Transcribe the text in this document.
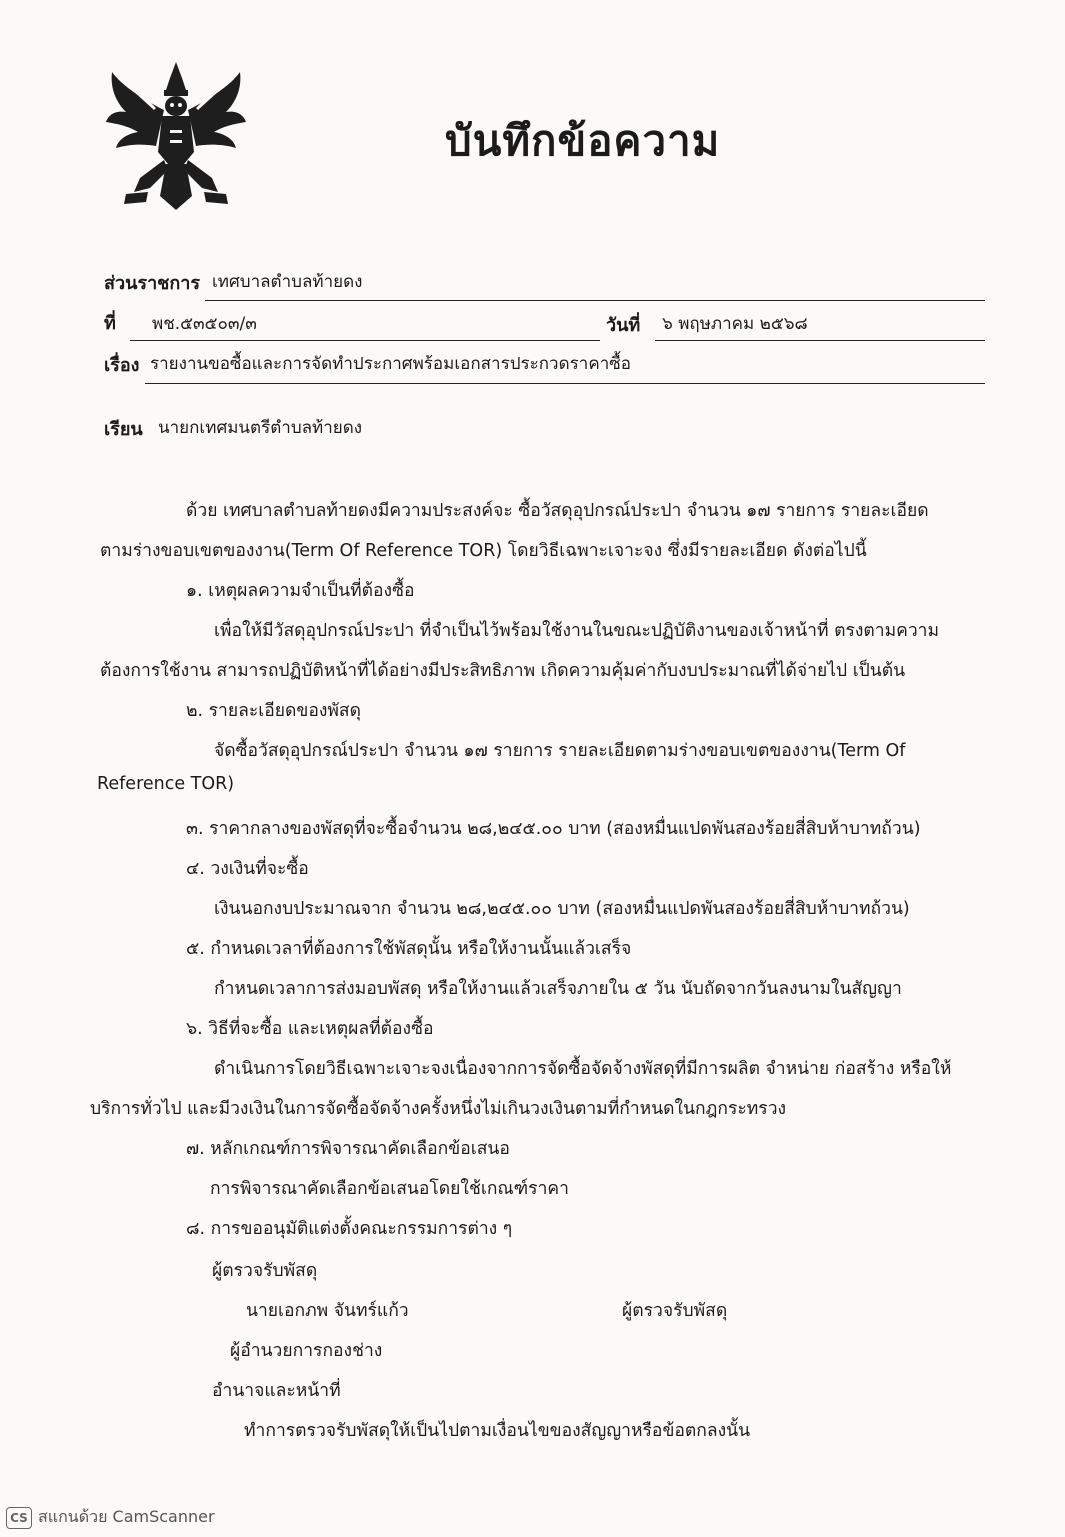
บันทึกข้อความ
ส่วนราชการ เทศบาลตำบลท้ายดง
ที่ พช.๕๓๕๐๓/๓	วันที่ ๖ พฤษภาคม ๒๕๖๘
เรื่อง รายงานขอซื้อและการจัดทำประกาศพร้อมเอกสารประกวดราคาซื้อ
เรียน นายกเทศมนตรีตำบลท้ายดง
ด้วย เทศบาลตำบลท้ายดงมีความประสงค์จะ ซื้อวัสดุอุปกรณ์ประปา จำนวน ๑๗ รายการ รายละเอียด
ตามร่างขอบเขตของงาน(Term Of Reference TOR) โดยวิธีเฉพาะเจาะจง ซึ่งมีรายละเอียด ดังต่อไปนี้
๑. เหตุผลความจำเป็นที่ต้องซื้อ
เพื่อให้มีวัสดุอุปกรณ์ประปา ที่จำเป็นไว้พร้อมใช้งานในขณะปฏิบัติงานของเจ้าหน้าที่ ตรงตามความ
ต้องการใช้งาน สามารถปฏิบัติหน้าที่ได้อย่างมีประสิทธิภาพ เกิดความคุ้มค่ากับงบประมาณที่ได้จ่ายไป เป็นต้น
๒. รายละเอียดของพัสดุ
จัดซื้อวัสดุอุปกรณ์ประปา จำนวน ๑๗ รายการ รายละเอียดตามร่างขอบเขตของงาน(Term Of
Reference TOR)
๓. ราคากลางของพัสดุที่จะซื้อจำนวน ๒๘,๒๔๕.๐๐ บาท (สองหมื่นแปดพันสองร้อยสี่สิบห้าบาทถ้วน)
๔. วงเงินที่จะซื้อ
เงินนอกงบประมาณจาก จำนวน ๒๘,๒๔๕.๐๐ บาท (สองหมื่นแปดพันสองร้อยสี่สิบห้าบาทถ้วน)
๕. กำหนดเวลาที่ต้องการใช้พัสดุนั้น หรือให้งานนั้นแล้วเสร็จ
กำหนดเวลาการส่งมอบพัสดุ หรือให้งานแล้วเสร็จภายใน ๕ วัน นับถัดจากวันลงนามในสัญญา
๖. วิธีที่จะซื้อ และเหตุผลที่ต้องซื้อ
ดำเนินการโดยวิธีเฉพาะเจาะจงเนื่องจากการจัดซื้อจัดจ้างพัสดุที่มีการผลิต จำหน่าย ก่อสร้าง หรือให้
บริการทั่วไป และมีวงเงินในการจัดซื้อจัดจ้างครั้งหนึ่งไม่เกินวงเงินตามที่กำหนดในกฎกระทรวง
๗. หลักเกณฑ์การพิจารณาคัดเลือกข้อเสนอ
การพิจารณาคัดเลือกข้อเสนอโดยใช้เกณฑ์ราคา
๘. การขออนุมัติแต่งตั้งคณะกรรมการต่าง ๆ
ผู้ตรวจรับพัสดุ
นายเอกภพ จันทร์แก้ว	ผู้ตรวจรับพัสดุ
ผู้อำนวยการกองช่าง
อำนาจและหน้าที่
ทำการตรวจรับพัสดุให้เป็นไปตามเงื่อนไขของสัญญาหรือข้อตกลงนั้น
CS สแกนด้วย CamScanner
